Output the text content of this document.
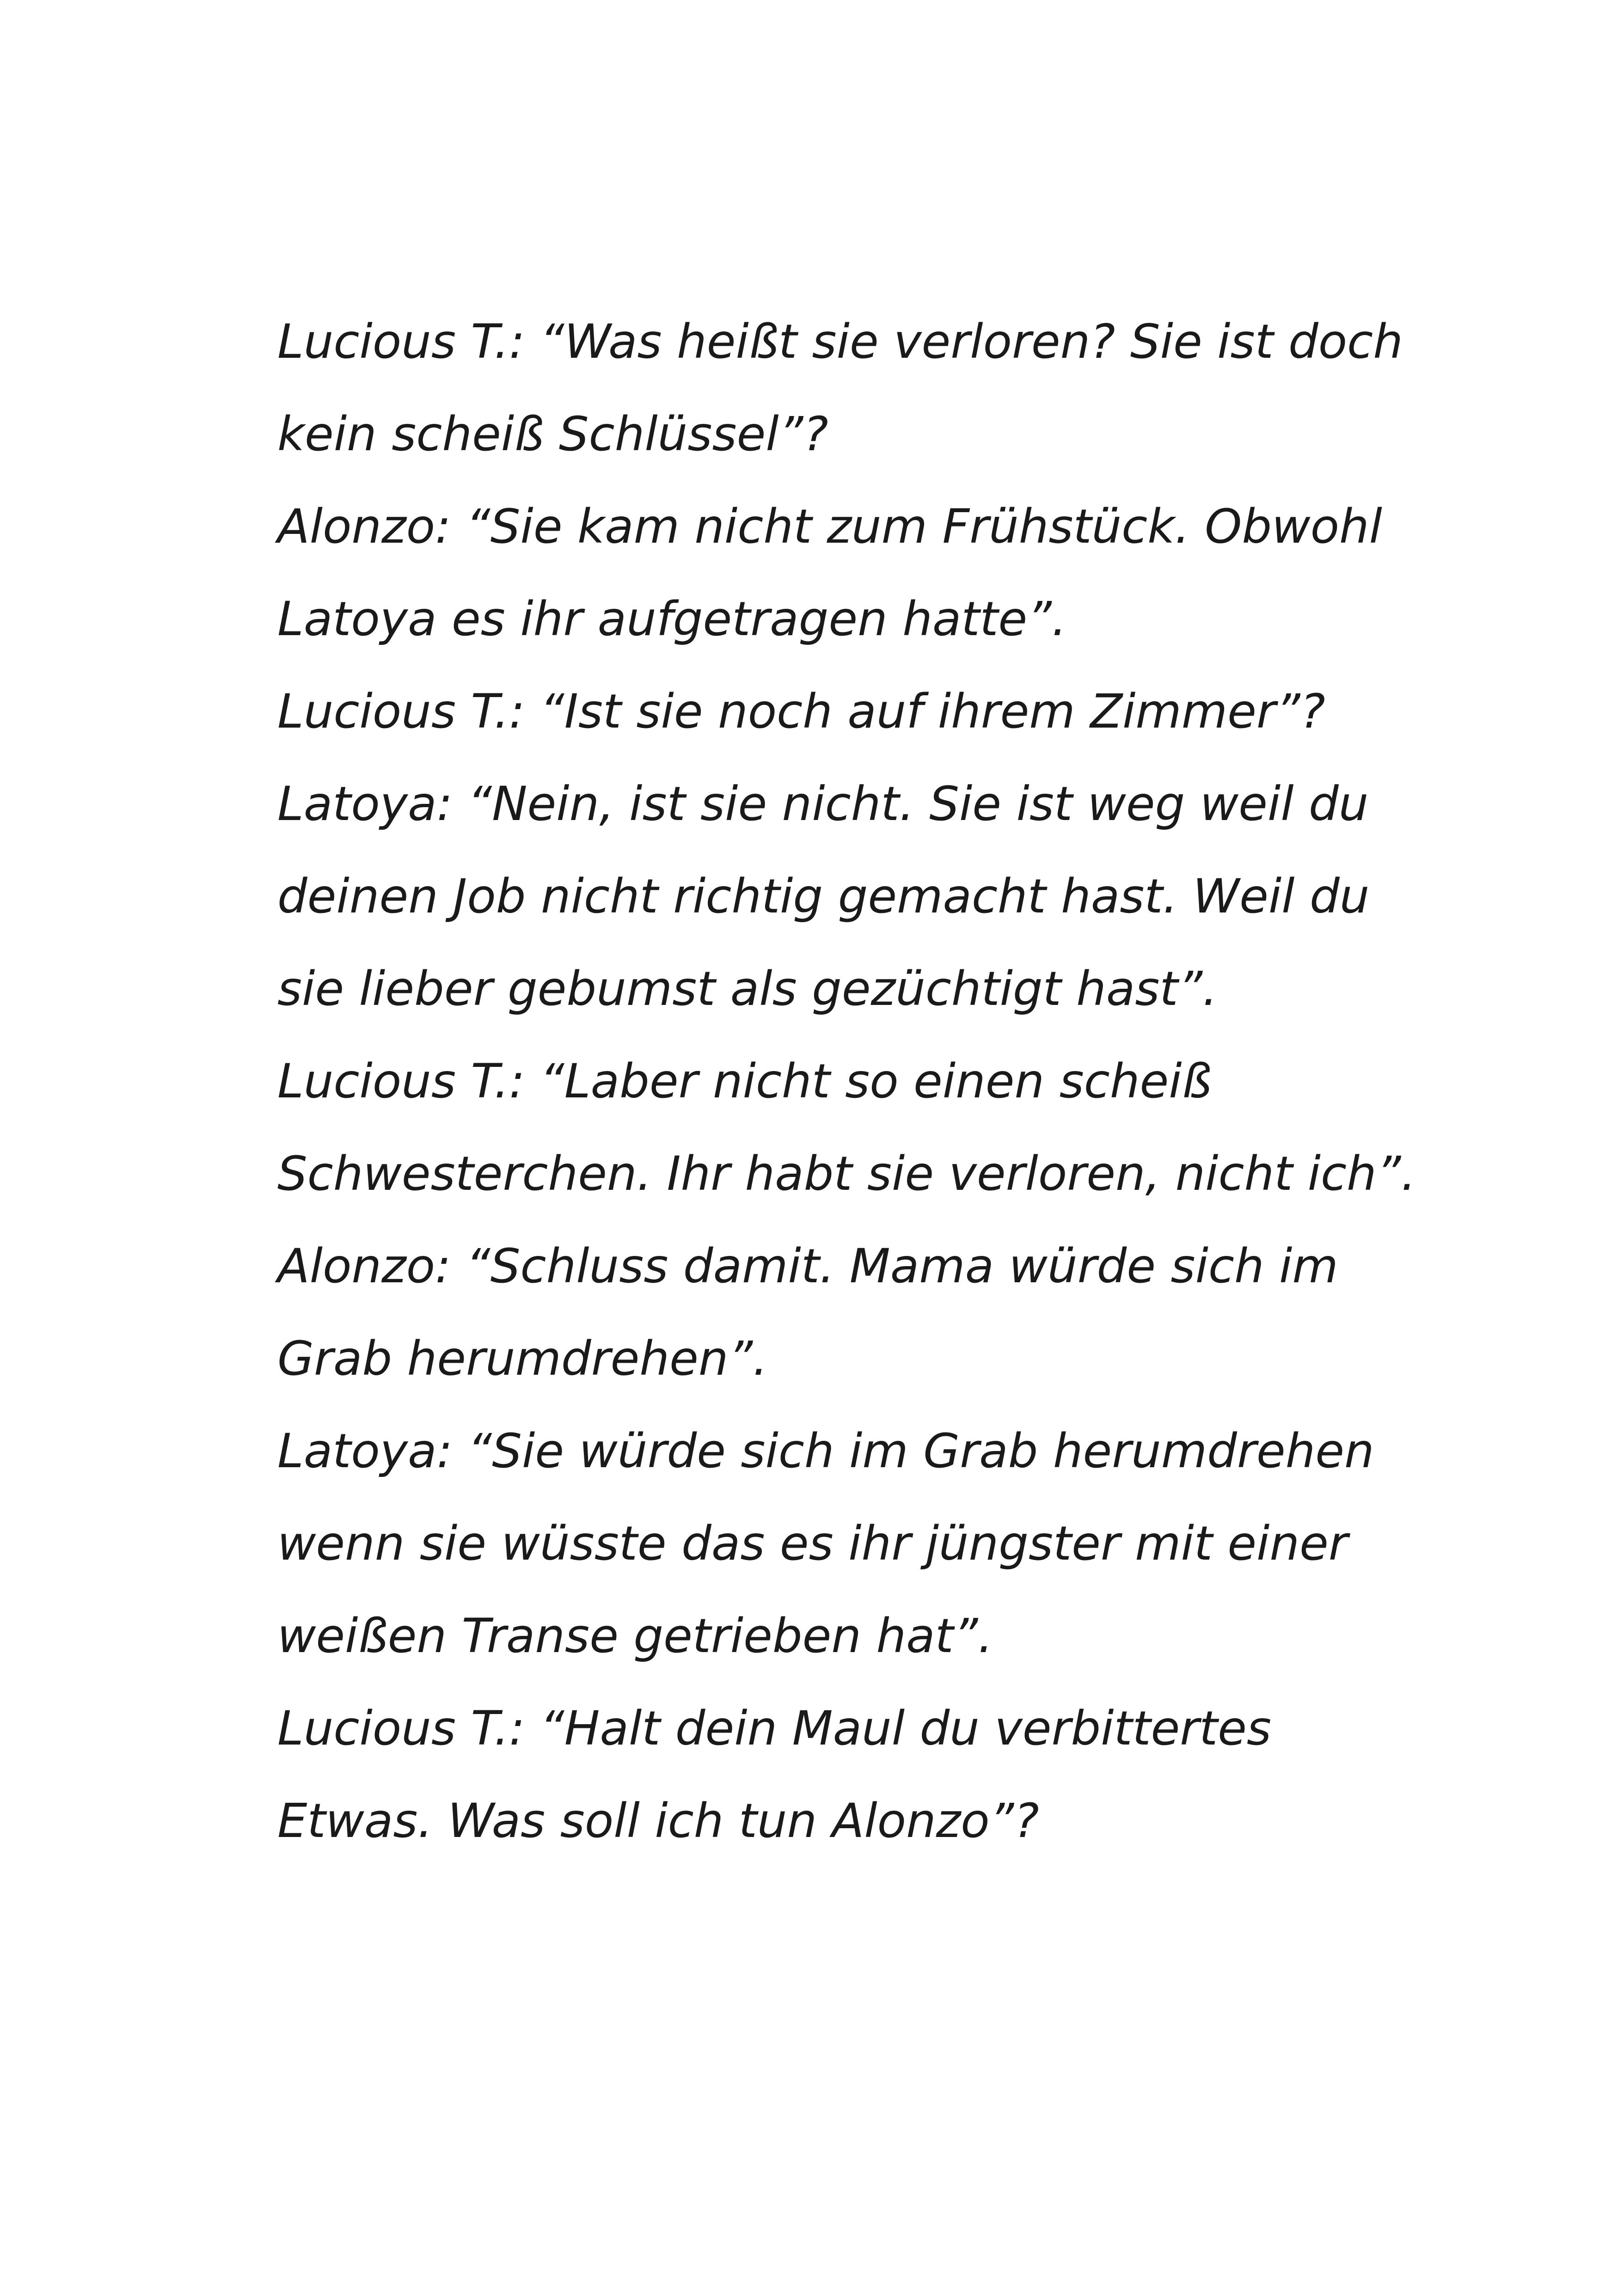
Lucious T.: “Was heißt sie verloren? Sie ist doch
kein scheiß Schlüssel”?
Alonzo: “Sie kam nicht zum Frühstück. Obwohl
Latoya es ihr aufgetragen hatte”.
Lucious T.: “Ist sie noch auf ihrem Zimmer”?
Latoya: “Nein, ist sie nicht. Sie ist weg weil du
deinen Job nicht richtig gemacht hast. Weil du
sie lieber gebumst als gezüchtigt hast”.
Lucious T.: “Laber nicht so einen scheiß
Schwesterchen. Ihr habt sie verloren, nicht ich”.
Alonzo: “Schluss damit. Mama würde sich im
Grab herumdrehen”.
Latoya: “Sie würde sich im Grab herumdrehen
wenn sie wüsste das es ihr jüngster mit einer
weißen Transe getrieben hat”.
Lucious T.: “Halt dein Maul du verbittertes
Etwas. Was soll ich tun Alonzo”?
